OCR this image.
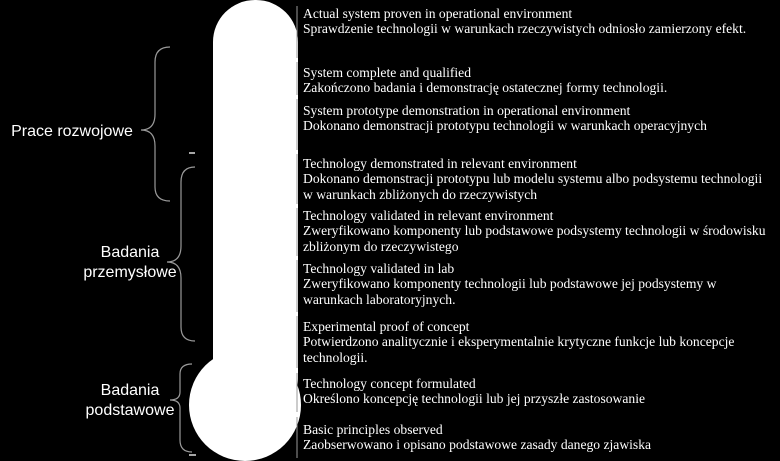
Prace rozwojowe
Badania
przemysłowe
Badania
podstawowe
Actual system proven in operational environment
Sprawdzenie technologii w warunkach rzeczywistych odniosło zamierzony efekt.
System complete and qualified
Zakończono badania i demonstrację ostatecznej formy technologii.
System prototype demonstration in operational environment
Dokonano demonstracji prototypu technologii w warunkach operacyjnych
Technology demonstrated in relevant environment
Dokonano demonstracji prototypu lub modelu systemu albo podsystemu technologii w warunkach zbliżonych do rzeczywistych
Technology validated in relevant environment
Zweryfikowano komponenty lub podstawowe podsystemy technologii w środowisku zbliżonym do rzeczywistego
Technology validated in lab
Zweryfikowano komponenty technologii lub podstawowe jej podsystemy w warunkach laboratoryjnych.
Experimental proof of concept
Potwierdzono analitycznie i eksperymentalnie krytyczne funkcje lub koncepcje technologii.
Technology concept formulated
Określono koncepcję technologii lub jej przyszłe zastosowanie
Basic principles observed
Zaobserwowano i opisano podstawowe zasady danego zjawiska
